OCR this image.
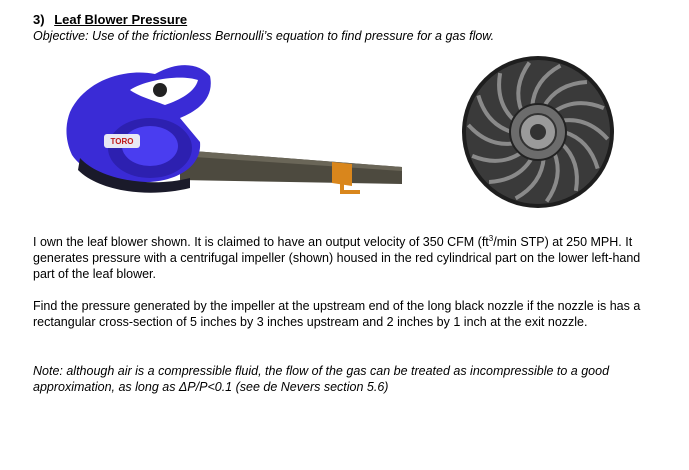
3) Leaf Blower Pressure
Objective: Use of the frictionless Bernoulli’s equation to find pressure for a gas flow.
TORO

I own the leaf blower shown. It is claimed to have an output velocity of 350 CFM ($ft^3/\min$ STP) at 250 MPH. It generates pressure with a centrifugal impeller (shown) housed in the red cylindrical part on the lower left-hand part of the leaf blower.

Find the pressure generated by the impeller at the upstream end of the long black nozzle if the nozzle is has a rectangular cross-section of 5 inches by 3 inches upstream and 2 inches by 1 inch at the exit nozzle.

Note: although air is a compressible fluid, the flow of the gas can be treated as incompressible to a good approximation, as long as ΔP/P<0.1 (see de Nevers section 5.6)
